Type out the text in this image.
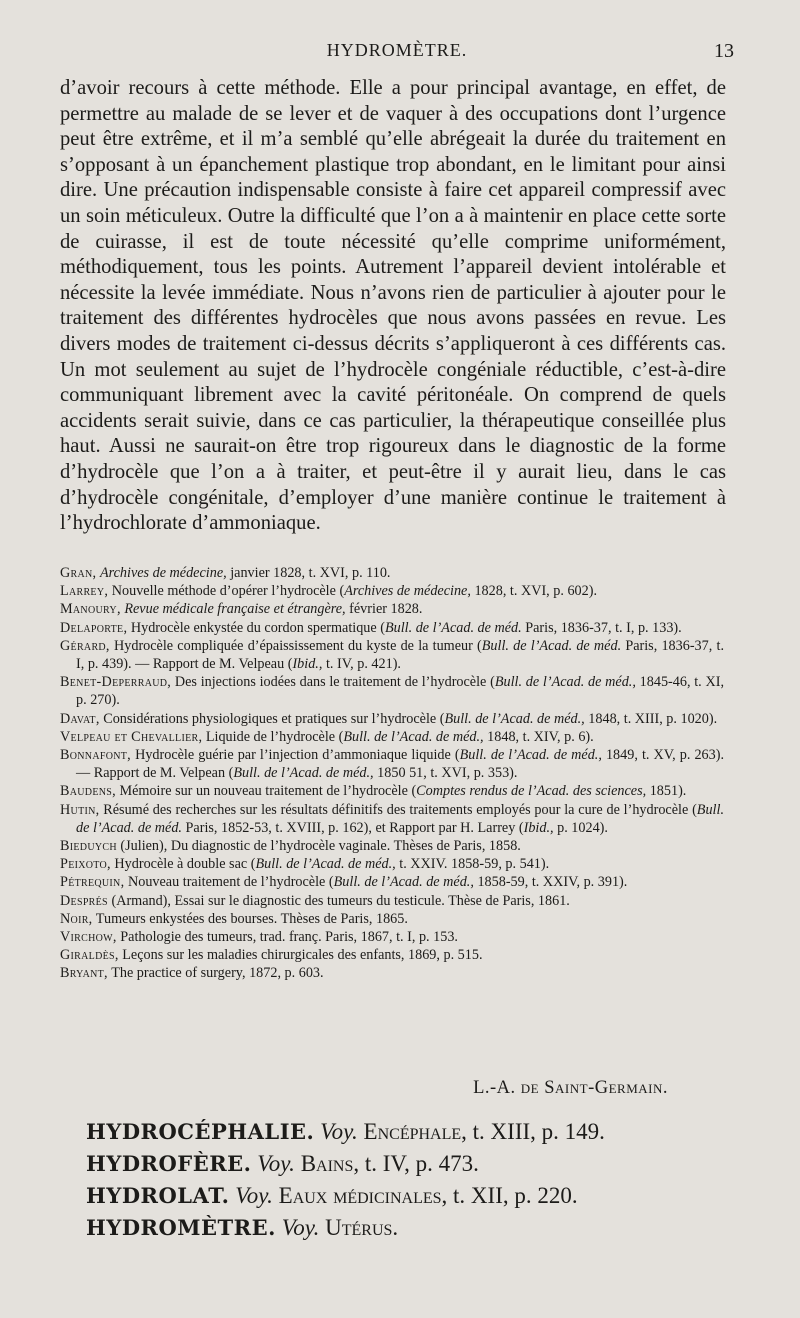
HYDROMÈTRE.	13

d’avoir recours à cette méthode. Elle a pour principal avantage, en effet, de permettre au malade de se lever et de vaquer à des occupations dont l’urgence peut être extrême, et il m’a semblé qu’elle abrégeait la durée du traitement en s’opposant à un épanchement plastique trop abondant, en le limitant pour ainsi dire. Une précaution indispensable consiste à faire cet appareil compressif avec un soin méticuleux. Outre la difficulté que l’on a à maintenir en place cette sorte de cuirasse, il est de toute nécessité qu’elle comprime uniformément, méthodiquement, tous les points. Autrement l’appareil devient intolérable et nécessite la levée immédiate. Nous n’avons rien de particulier à ajouter pour le traitement des différentes hydrocèles que nous avons passées en revue. Les divers modes de traitement ci-dessus décrits s’appliqueront à ces différents cas. Un mot seulement au sujet de l’hydrocèle congéniale réductible, c’est-à-dire communiquant librement avec la cavité péritonéale. On comprend de quels accidents serait suivie, dans ce cas particulier, la thérapeutique conseillée plus haut. Aussi ne saurait-on être trop rigoureux dans le diagnostic de la forme d’hydrocèle que l’on a à traiter, et peut-être il y aurait lieu, dans le cas d’hydrocèle congénitale, d’employer d’une manière continue le traitement à l’hydrochlorate d’ammoniaque.

Gran, Archives de médecine, janvier 1828, t. XVI, p. 110.

Larrey, Nouvelle méthode d’opérer l’hydrocèle (Archives de médecine, 1828, t. XVI, p. 602).

Manoury, Revue médicale française et étrangère, février 1828.

Delaporte, Hydrocèle enkystée du cordon spermatique (Bull. de l’Acad. de méd. Paris, 1836-37, t. I, p. 133).

Gérard, Hydrocèle compliquée d’épaississement du kyste de la tumeur (Bull. de l’Acad. de méd. Paris, 1836-37, t. I, p. 439). — Rapport de M. Velpeau (Ibid., t. IV, p. 421).

Benet-Deperraud, Des injections iodées dans le traitement de l’hydrocèle (Bull. de l’Acad. de méd., 1845-46, t. XI, p. 270).

Davat, Considérations physiologiques et pratiques sur l’hydrocèle (Bull. de l’Acad. de méd., 1848, t. XIII, p. 1020).

Velpeau et Chevallier, Liquide de l’hydrocèle (Bull. de l’Acad. de méd., 1848, t. XIV, p. 6).

Bonnafont, Hydrocèle guérie par l’injection d’ammoniaque liquide (Bull. de l’Acad. de méd., 1849, t. XV, p. 263). — Rapport de M. Velpean (Bull. de l’Acad. de méd., 1850 51, t. XVI, p. 353).

Baudens, Mémoire sur un nouveau traitement de l’hydrocèle (Comptes rendus de l’Acad. des sciences, 1851).

Hutin, Résumé des recherches sur les résultats définitifs des traitements employés pour la cure de l’hydrocèle (Bull. de l’Acad. de méd. Paris, 1852-53, t. XVIII, p. 162), et Rapport par H. Larrey (Ibid., p. 1024).

Bieduych (Julien), Du diagnostic de l’hydrocèle vaginale. Thèses de Paris, 1858.

Peixoto, Hydrocèle à double sac (Bull. de l’Acad. de méd., t. XXIV. 1858-59, p. 541).

Pétrequin, Nouveau traitement de l’hydrocèle (Bull. de l’Acad. de méd., 1858-59, t. XXIV, p. 391).

Després (Armand), Essai sur le diagnostic des tumeurs du testicule. Thèse de Paris, 1861.

Noir, Tumeurs enkystées des bourses. Thèses de Paris, 1865.

Virchow, Pathologie des tumeurs, trad. franç. Paris, 1867, t. I, p. 153.

Giraldès, Leçons sur les maladies chirurgicales des enfants, 1869, p. 515.

Bryant, The practice of surgery, 1872, p. 603.

L.-A. de Saint-Germain.
HYDROCÉPHALIE. Voy. Encéphale, t. XIII, p. 149.
HYDROFÈRE. Voy. Bains, t. IV, p. 473.
HYDROLAT. Voy. Eaux médicinales, t. XII, p. 220.
HYDROMÈTRE. Voy. Utérus.
